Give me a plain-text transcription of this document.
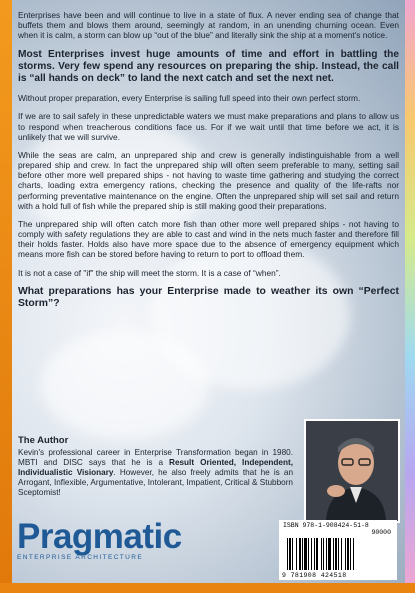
Enterprises have been and will continue to live in a state of flux. A never ending sea of change that buffets them and blows them around, seemingly at random, in an unending churning ocean. Even when it is calm, a storm can blow up “out of the blue” and literally sink the ship at a moment's notice.

Most Enterprises invest huge amounts of time and effort in battling the storms. Very few spend any resources on preparing the ship. Instead, the call is “all hands on deck” to land the next catch and set the next net.

Without proper preparation, every Enterprise is sailing full speed into their own perfect storm.

If we are to sail safely in these unpredictable waters we must make preparations and plans to allow us to respond when treacherous conditions face us. For if we wait until that time before we act, it is unlikely that we will survive.

While the seas are calm, an unprepared ship and crew is generally indistinguishable from a well prepared ship and crew. In fact the unprepared ship will often seem preferable to many, setting sail before other more well prepared ships - not having to waste time gathering and studying the correct charts, loading extra emergency rations, checking the presence and quality of the life-rafts nor performing preventative maintenance on the engine. Often the unprepared ship will set sail and return with a hold full of fish while the prepared ship is still making good their preparations.

The unprepared ship will often catch more fish than other more well prepared ships - not having to comply with safety regulations they are able to cast and wind in the nets much faster and therefore fill their holds faster. Holds also have more space due to the absence of emergency equipment which means more fish can be stored before having to return to port to offload them.

It is not a case of "if" the ship will meet the storm. It is a case of “when”.

What preparations has your Enterprise made to weather its own “Perfect Storm”?

The Author

Kevin's professional career in Enterprise Transformation began in 1980. MBTI and DISC says that he is a Result Oriented, Independent, Individualistic Visionary. However, he also freely admits that he is an Arrogant, Inflexible, Argumentative, Intolerant, Impatient, Critical & Stubborn Sceptomist!

Pragmatic
ENTERPRISE ARCHITECTURE
ISBN 978-1-908424-51-8
90000
9 781908 424518
